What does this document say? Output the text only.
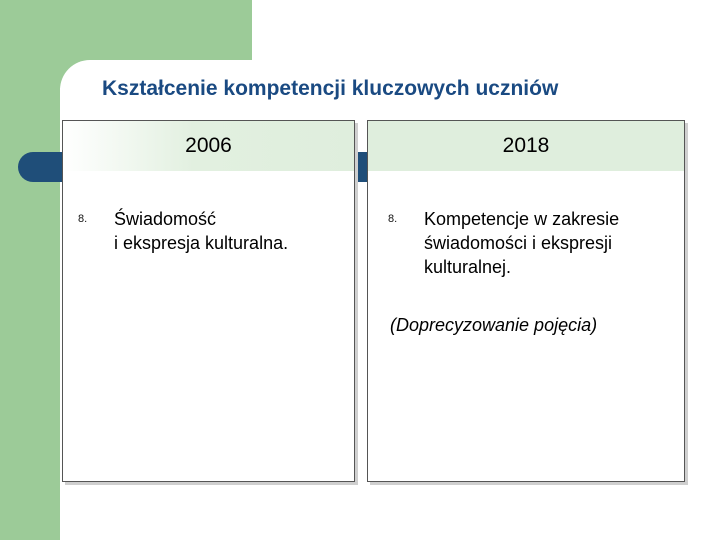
Kształcenie kompetencji kluczowych uczniów
2006
8. Świadomość
i ekspresja kulturalna.
2018
8. Kompetencje w zakresie
świadomości i ekspresji
kulturalnej.
(Doprecyzowanie pojęcia)
